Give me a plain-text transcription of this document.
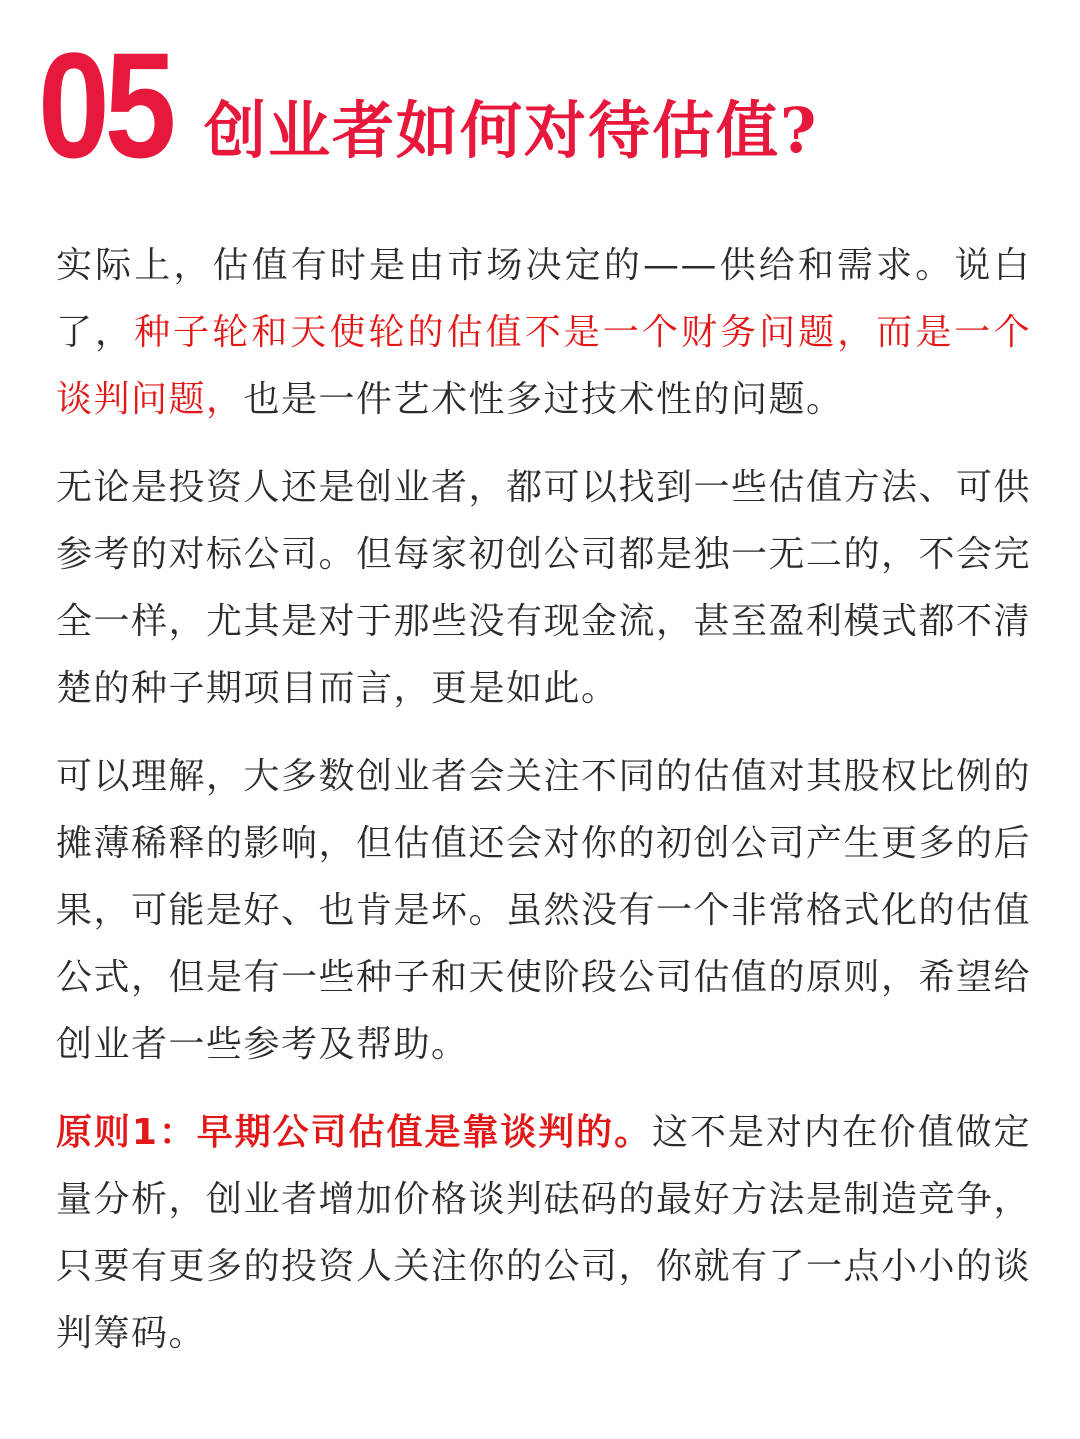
05 创业者如何对待估值?

实际上，估值有时是由市场决定的——供给和需求。说白了，种子轮和天使轮的估值不是一个财务问题，而是一个谈判问题，也是一件艺术性多过技术性的问题。

无论是投资人还是创业者，都可以找到一些估值方法、可供参考的对标公司。但每家初创公司都是独一无二的，不会完全一样，尤其是对于那些没有现金流，甚至盈利模式都不清楚的种子期项目而言，更是如此。

可以理解，大多数创业者会关注不同的估值对其股权比例的摊薄稀释的影响，但估值还会对你的初创公司产生更多的后果，可能是好、也肯是坏。虽然没有一个非常格式化的估值公式，但是有一些种子和天使阶段公司估值的原则，希望给创业者一些参考及帮助。

原则1：早期公司估值是靠谈判的。这不是对内在价值做定量分析，创业者增加价格谈判砝码的最好方法是制造竞争，只要有更多的投资人关注你的公司，你就有了一点小小的谈判筹码。
